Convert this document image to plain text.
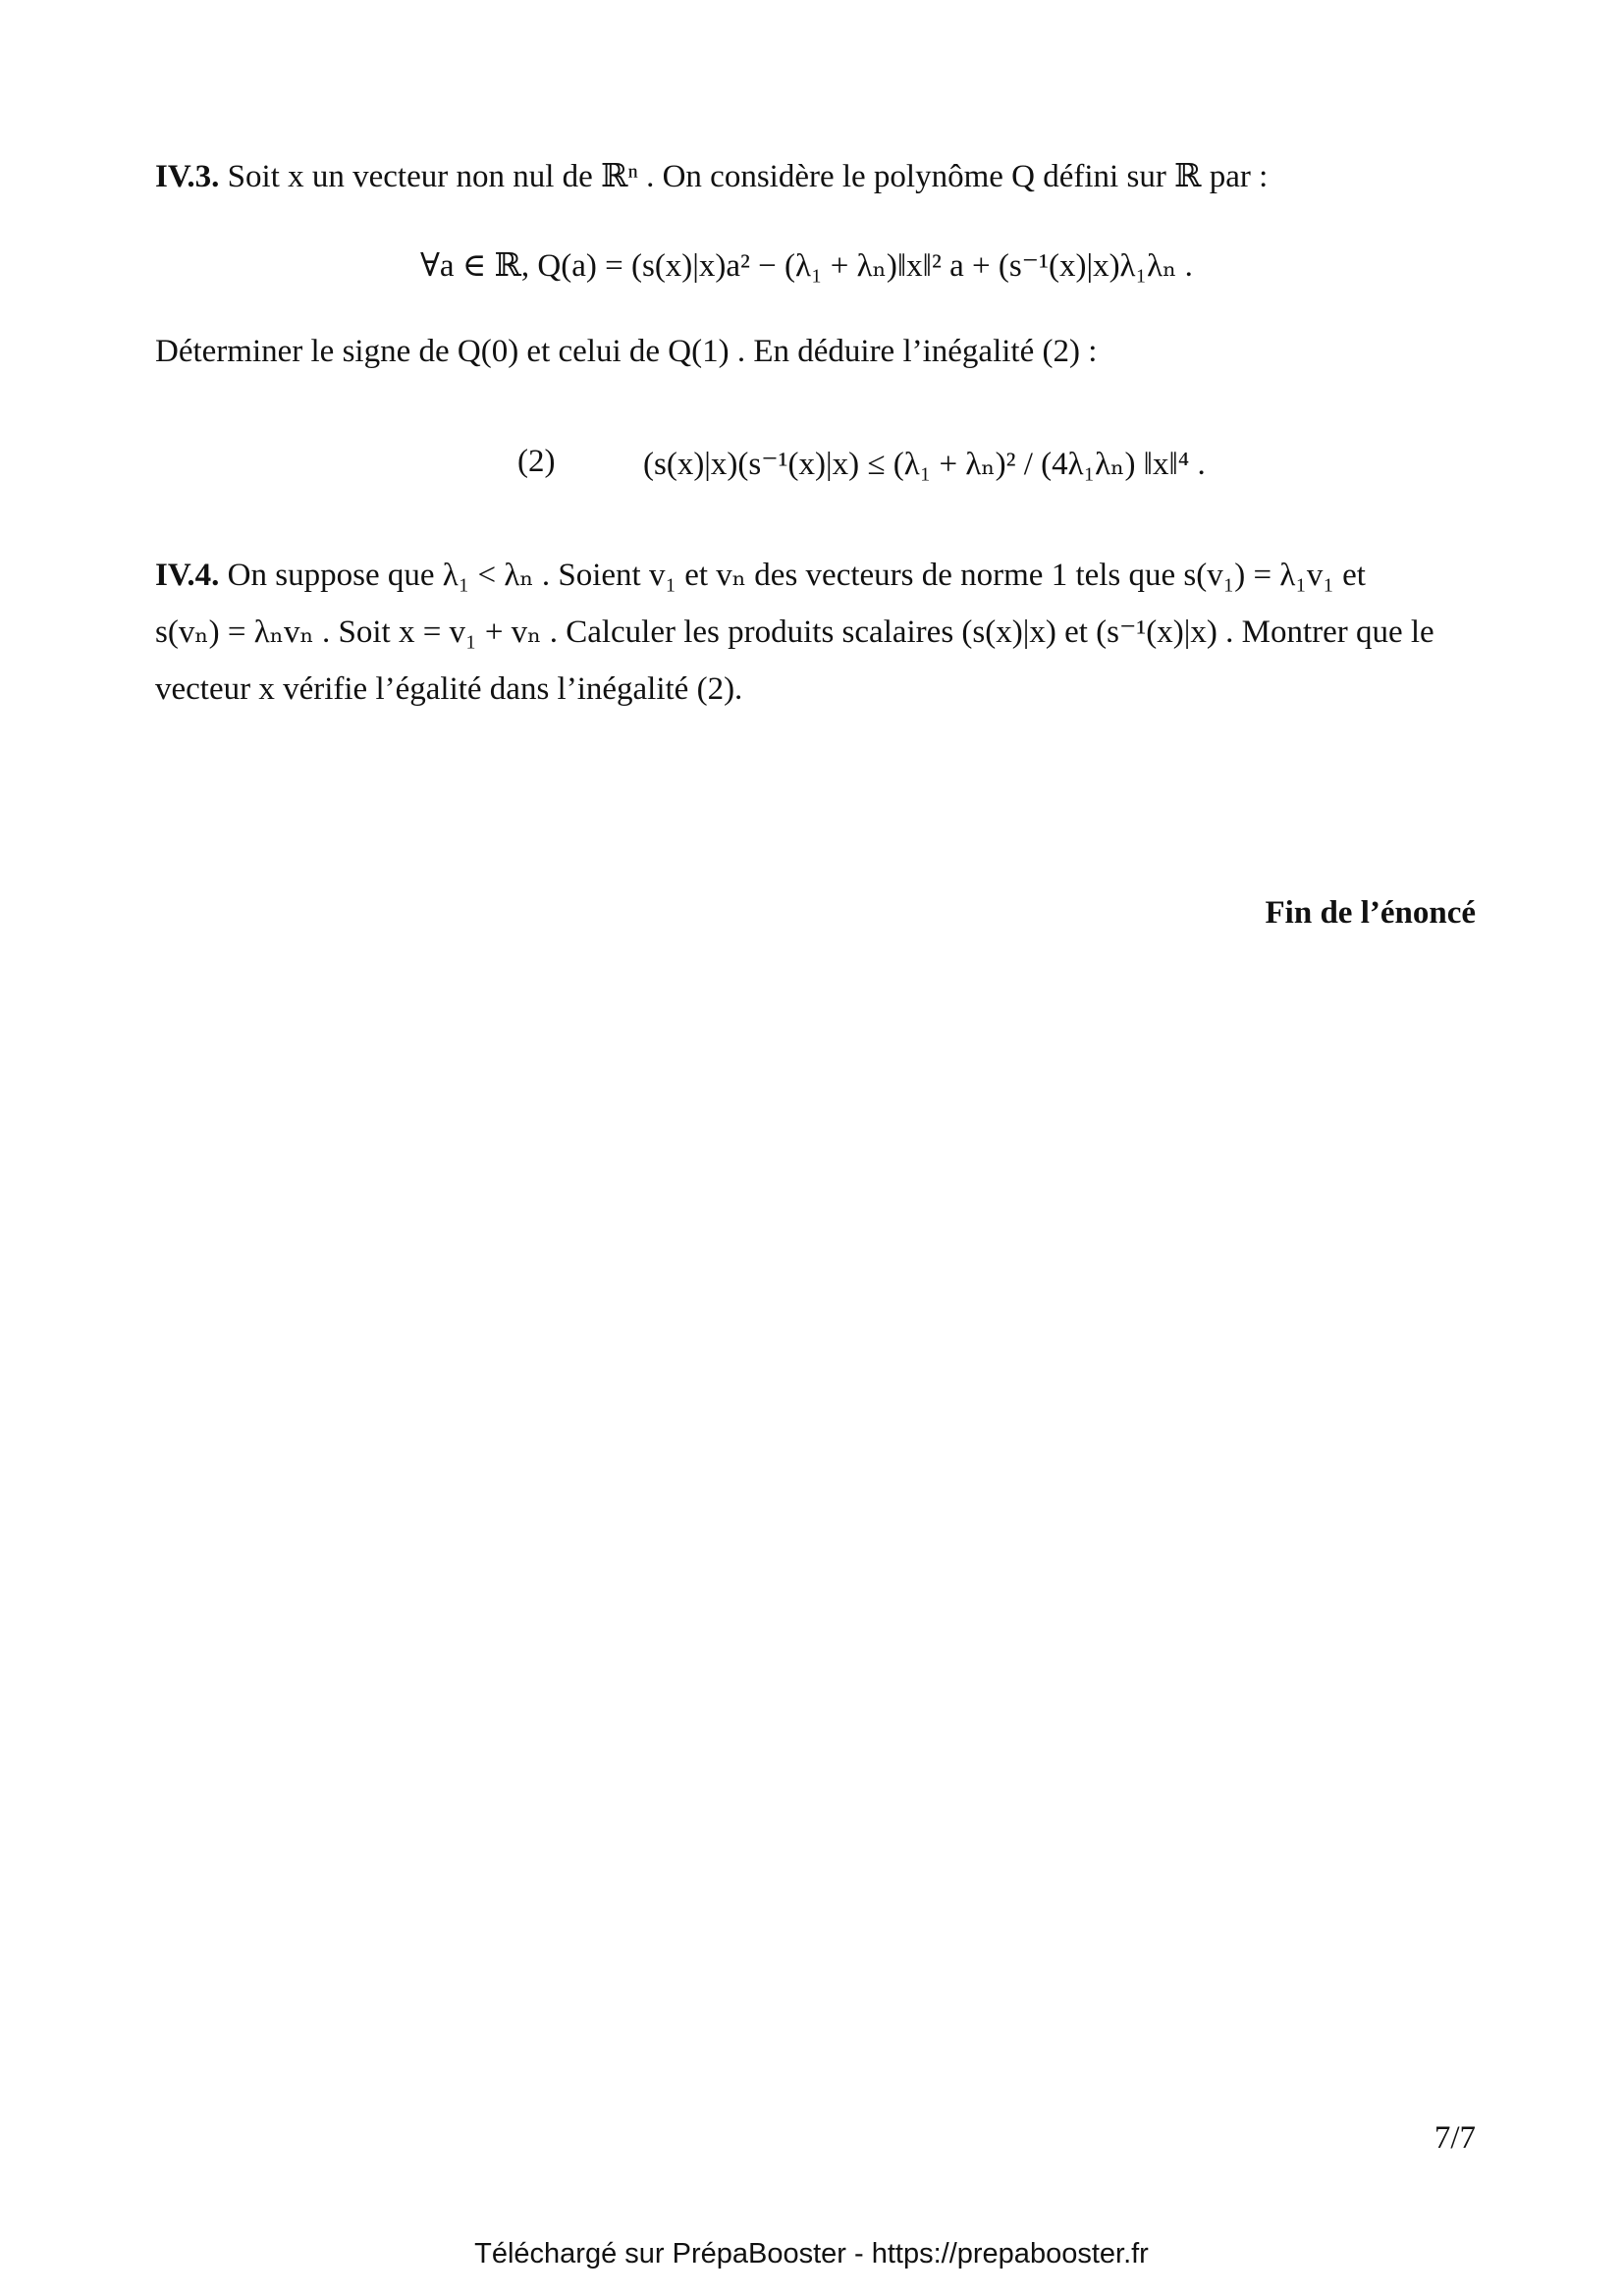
IV.3. Soit x un vecteur non nul de ℝⁿ . On considère le polynôme Q défini sur ℝ par :
∀a ∈ ℝ, Q(a) = (s(x)|x)a² − (λ₁ + λₙ)‖x‖² a + (s⁻¹(x)|x)λ₁λₙ .
Déterminer le signe de Q(0) et celui de Q(1) . En déduire l’inégalité (2) :
(2)	(s(x)|x)(s⁻¹(x)|x) ≤ (λ₁ + λₙ)² / (4λ₁λₙ) ‖x‖⁴ .
IV.4. On suppose que λ₁ < λₙ . Soient v₁ et vₙ des vecteurs de norme 1 tels que s(v₁) = λ₁v₁ et
s(vₙ) = λₙvₙ . Soit x = v₁ + vₙ . Calculer les produits scalaires (s(x)|x) et (s⁻¹(x)|x) . Montrer que le
vecteur x vérifie l’égalité dans l’inégalité (2).
Fin de l’énoncé
7/7
Téléchargé sur PrépaBooster - https://prepabooster.fr
